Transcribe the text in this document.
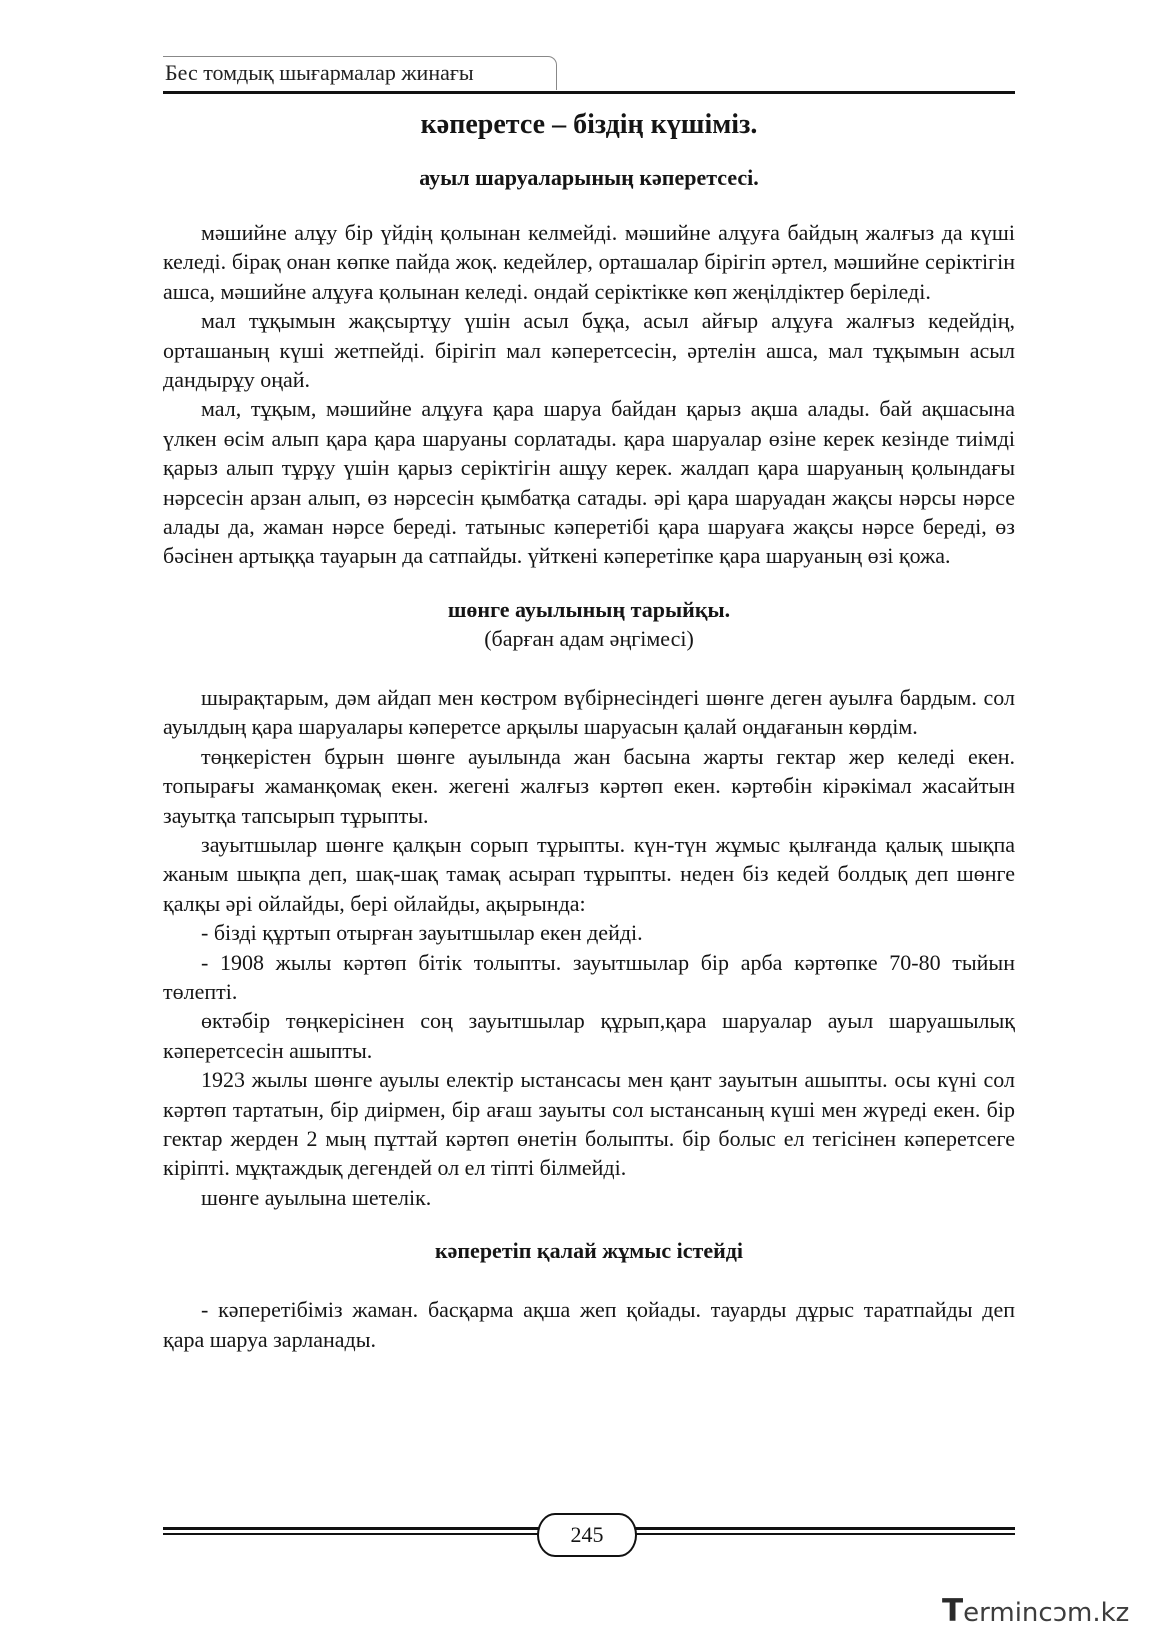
Бес томдық шығармалар жинағы
кәперетсе – біздің күшіміз.
ауыл шаруаларының кәперетсесі.

мәшийне алұу бір үйдің қолынан келмейді. мәшийне алұуға байдың жалғыз да күші келеді. бірақ онан көпке пайда жоқ. кедейлер, орташалар бірігіп әртел, мәшийне серіктігін ашса, мәшийне алұуға қолынан келеді. ондай серіктікке көп жеңілдіктер беріледі.

мал тұқымын жақсыртұу үшін асыл бұқа, асыл айғыр алұуға жалғыз кедейдің, орташаның күші жетпейді. бірігіп мал кәперетсесін, әртелін ашса, мал тұқымын асыл дандырұу оңай.

мал, тұқым, мәшийне алұуға қара шаруа байдан қарыз ақша алады. бай ақшасына үлкен өсім алып қара қара шаруаны сорлатады. қара шаруалар өзіне керек кезінде тиімді қарыз алып тұрұу үшін қарыз серіктігін ашұу керек. жалдап қара шаруаның қолындағы нәрсесін арзан алып, өз нәрсесін қымбатқа сатады. әрі қара шаруадан жақсы нәрсы нәрсе алады да, жаман нәрсе береді. татыныс кәперетібі қара шаруаға жақсы нәрсе береді, өз бәсінен артыққа тауарын да сатпайды. үйткені кәперетіпке қара шаруаның өзі қожа.

шөнге ауылының тарыйқы.
(барған адам әңгімесі)

шырақтарым, дәм айдап мен көстром вүбірнесіндегі шөнге деген ауылға бардым. сол ауылдың қара шаруалары кәперетсе арқылы шаруасын қалай оңдағанын көрдім.

төңкерістен бұрын шөнге ауылында жан басына жарты гектар жер келеді екен. топырағы жаманқомақ екен. жегені жалғыз кәртөп екен. кәртөбін кірәкімал жасайтын зауытқа тапсырып тұрыпты.

зауытшылар шөнге қалқын сорып тұрыпты. күн-түн жұмыс қылғанда қалық шықпа жаным шықпа деп, шақ-шақ тамақ асырап тұрыпты. неден біз кедей болдық деп шөнге қалқы әрі ойлайды, бері ойлайды, ақырында:

- бізді құртып отырған зауытшылар екен дейді.

- 1908 жылы кәртөп бітік толыпты. зауытшылар бір арба кәртөпке 70-80 тыйын төлепті.

өктәбір төңкерісінен соң зауытшылар құрып,қара шаруалар ауыл шаруашылық кәперетсесін ашыпты.

1923 жылы шөнге ауылы електір ыстансасы мен қант зауытын ашыпты. осы күні сол кәртөп тартатын, бір диірмен, бір ағаш зауыты сол ыстансаның күші мен жүреді екен. бір гектар жерден 2 мың пұттай кәртөп өнетін болыпты. бір болыс ел тегісінен кәперетсеге кіріпті. мұқтаждық дегендей ол ел тіпті білмейді.

шөнге ауылына шетелік.

кәперетіп қалай жұмыс істейді

- кәперетібіміз жаман. басқарма ақша жеп қойады. тауарды дұрыс таратпайды деп қара шаруа зарланады.

245
Termincɔm.kz
